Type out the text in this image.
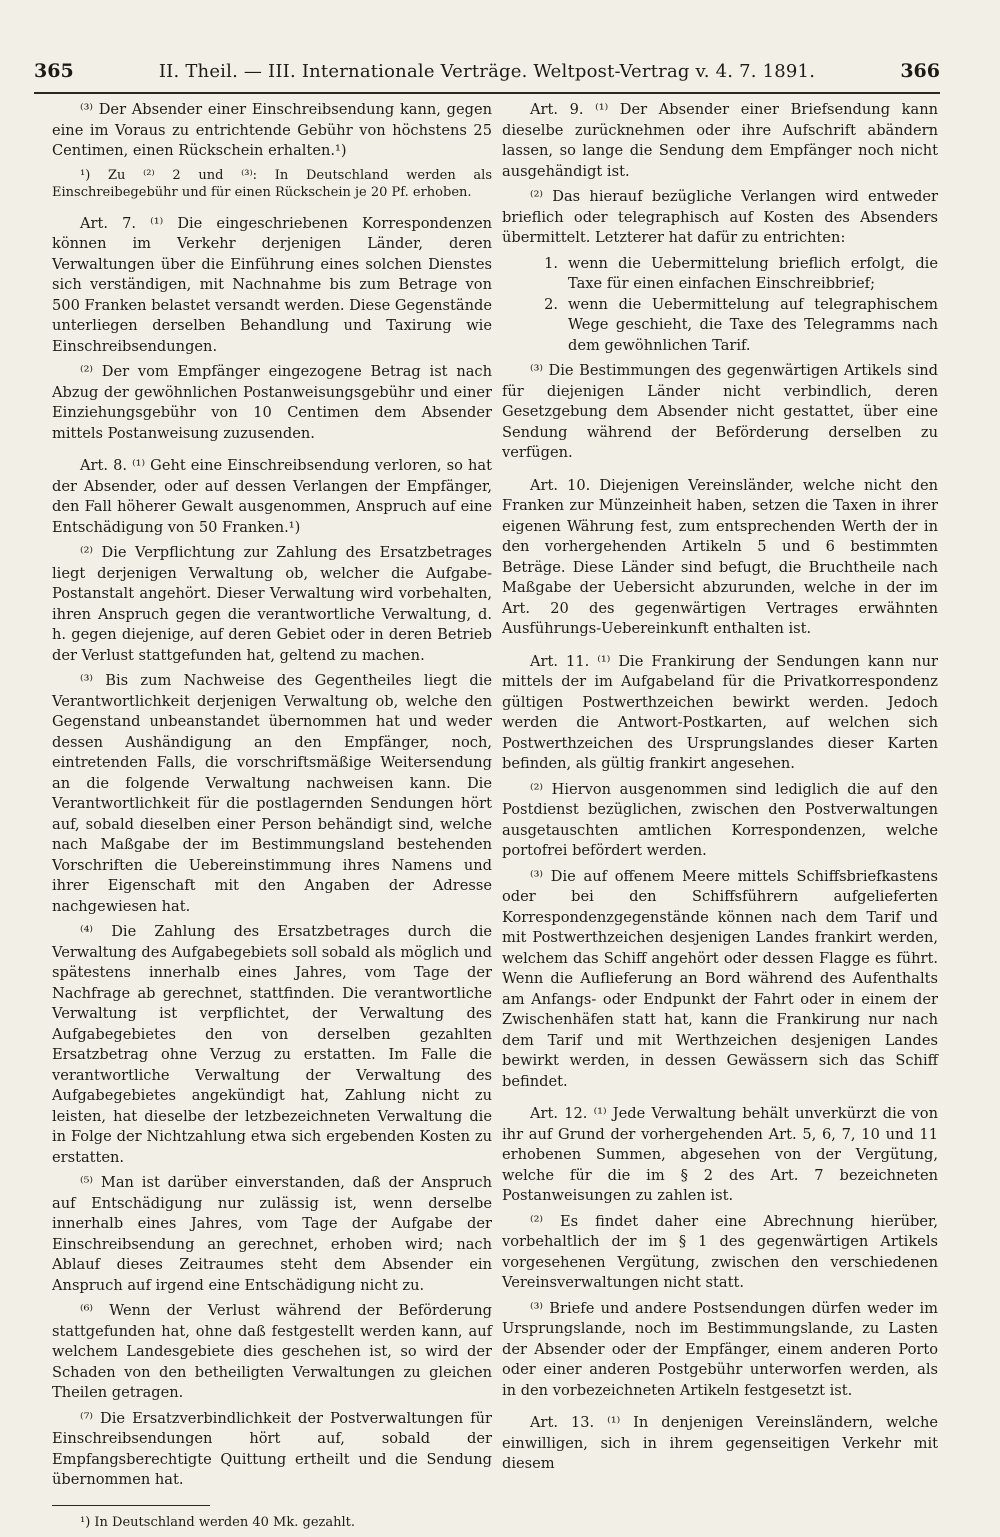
365	II. Theil. — III. Internationale Verträge. Weltpost-Vertrag v. 4. 7. 1891.	366

⁽³⁾ Der Absender einer Einschreibsendung kann, gegen eine im Voraus zu entrichtende Gebühr von höchstens 25 Centimen, einen Rückschein erhalten.¹)

¹) Zu ⁽²⁾ 2 und ⁽³⁾: In Deutschland werden als Einschreibegebühr und für einen Rückschein je 20 Pf. erhoben.

Art. 7. ⁽¹⁾ Die eingeschriebenen Korrespondenzen können im Verkehr derjenigen Länder, deren Verwaltungen über die Einführung eines solchen Dienstes sich verständigen, mit Nachnahme bis zum Betrage von 500 Franken belastet versandt werden. Diese Gegenstände unterliegen derselben Behandlung und Taxirung wie Einschreibsendungen.

⁽²⁾ Der vom Empfänger eingezogene Betrag ist nach Abzug der gewöhnlichen Postanweisungsgebühr und einer Einziehungsgebühr von 10 Centimen dem Absender mittels Postanweisung zuzusenden.

Art. 8. ⁽¹⁾ Geht eine Einschreibsendung verloren, so hat der Absender, oder auf dessen Verlangen der Empfänger, den Fall höherer Gewalt ausgenommen, Anspruch auf eine Entschädigung von 50 Franken.¹)

⁽²⁾ Die Verpflichtung zur Zahlung des Ersatzbetrages liegt derjenigen Verwaltung ob, welcher die Aufgabe-Postanstalt angehört. Dieser Verwaltung wird vorbehalten, ihren Anspruch gegen die verantwortliche Verwaltung, d. h. gegen diejenige, auf deren Gebiet oder in deren Betrieb der Verlust stattgefunden hat, geltend zu machen.

⁽³⁾ Bis zum Nachweise des Gegentheiles liegt die Verantwortlichkeit derjenigen Verwaltung ob, welche den Gegenstand unbeanstandet übernommen hat und weder dessen Aushändigung an den Empfänger, noch, eintretenden Falls, die vorschriftsmäßige Weitersendung an die folgende Verwaltung nachweisen kann. Die Verantwortlichkeit für die postlagernden Sendungen hört auf, sobald dieselben einer Person behändigt sind, welche nach Maßgabe der im Bestimmungsland bestehenden Vorschriften die Uebereinstimmung ihres Namens und ihrer Eigenschaft mit den Angaben der Adresse nachgewiesen hat.

⁽⁴⁾ Die Zahlung des Ersatzbetrages durch die Verwaltung des Aufgabegebiets soll sobald als möglich und spätestens innerhalb eines Jahres, vom Tage der Nachfrage ab gerechnet, stattfinden. Die verantwortliche Verwaltung ist verpflichtet, der Verwaltung des Aufgabegebietes den von derselben gezahlten Ersatzbetrag ohne Verzug zu erstatten. Im Falle die verantwortliche Verwaltung der Verwaltung des Aufgabegebietes angekündigt hat, Zahlung nicht zu leisten, hat dieselbe der letzbezeichneten Verwaltung die in Folge der Nichtzahlung etwa sich ergebenden Kosten zu erstatten.

⁽⁵⁾ Man ist darüber einverstanden, daß der Anspruch auf Entschädigung nur zulässig ist, wenn derselbe innerhalb eines Jahres, vom Tage der Aufgabe der Einschreibsendung an gerechnet, erhoben wird; nach Ablauf dieses Zeitraumes steht dem Absender ein Anspruch auf irgend eine Entschädigung nicht zu.

⁽⁶⁾ Wenn der Verlust während der Beförderung stattgefunden hat, ohne daß festgestellt werden kann, auf welchem Landesgebiete dies geschehen ist, so wird der Schaden von den betheiligten Verwaltungen zu gleichen Theilen getragen.

⁽⁷⁾ Die Ersatzverbindlichkeit der Postverwaltungen für Einschreibsendungen hört auf, sobald der Empfangsberechtigte Quittung ertheilt und die Sendung übernommen hat.

¹) In Deutschland werden 40 Mk. gezahlt.

Art. 9. ⁽¹⁾ Der Absender einer Briefsendung kann dieselbe zurücknehmen oder ihre Aufschrift abändern lassen, so lange die Sendung dem Empfänger noch nicht ausgehändigt ist.

⁽²⁾ Das hierauf bezügliche Verlangen wird entweder brieflich oder telegraphisch auf Kosten des Absenders übermittelt. Letzterer hat dafür zu entrichten:

1. wenn die Uebermittelung brieflich erfolgt, die Taxe für einen einfachen Einschreibbrief;
2. wenn die Uebermittelung auf telegraphischem Wege geschieht, die Taxe des Telegramms nach dem gewöhnlichen Tarif.

⁽³⁾ Die Bestimmungen des gegenwärtigen Artikels sind für diejenigen Länder nicht verbindlich, deren Gesetzgebung dem Absender nicht gestattet, über eine Sendung während der Beförderung derselben zu verfügen.

Art. 10. Diejenigen Vereinsländer, welche nicht den Franken zur Münzeinheit haben, setzen die Taxen in ihrer eigenen Währung fest, zum entsprechenden Werth der in den vorhergehenden Artikeln 5 und 6 bestimmten Beträge. Diese Länder sind befugt, die Bruchtheile nach Maßgabe der Uebersicht abzurunden, welche in der im Art. 20 des gegenwärtigen Vertrages erwähnten Ausführungs-Uebereinkunft enthalten ist.

Art. 11. ⁽¹⁾ Die Frankirung der Sendungen kann nur mittels der im Aufgabeland für die Privatkorrespondenz gültigen Postwerthzeichen bewirkt werden. Jedoch werden die Antwort-Postkarten, auf welchen sich Postwerthzeichen des Ursprungslandes dieser Karten befinden, als gültig frankirt angesehen.

⁽²⁾ Hiervon ausgenommen sind lediglich die auf den Postdienst bezüglichen, zwischen den Postverwaltungen ausgetauschten amtlichen Korrespondenzen, welche portofrei befördert werden.

⁽³⁾ Die auf offenem Meere mittels Schiffsbriefkastens oder bei den Schiffsführern aufgelieferten Korrespondenzgegenstände können nach dem Tarif und mit Postwerthzeichen desjenigen Landes frankirt werden, welchem das Schiff angehört oder dessen Flagge es führt. Wenn die Auflieferung an Bord während des Aufenthalts am Anfangs- oder Endpunkt der Fahrt oder in einem der Zwischenhäfen statt hat, kann die Frankirung nur nach dem Tarif und mit Werthzeichen desjenigen Landes bewirkt werden, in dessen Gewässern sich das Schiff befindet.

Art. 12. ⁽¹⁾ Jede Verwaltung behält unverkürzt die von ihr auf Grund der vorhergehenden Art. 5, 6, 7, 10 und 11 erhobenen Summen, abgesehen von der Vergütung, welche für die im § 2 des Art. 7 bezeichneten Postanweisungen zu zahlen ist.

⁽²⁾ Es findet daher eine Abrechnung hierüber, vorbehaltlich der im § 1 des gegenwärtigen Artikels vorgesehenen Vergütung, zwischen den verschiedenen Vereinsverwaltungen nicht statt.

⁽³⁾ Briefe und andere Postsendungen dürfen weder im Ursprungslande, noch im Bestimmungslande, zu Lasten der Absender oder der Empfänger, einem anderen Porto oder einer anderen Postgebühr unterworfen werden, als in den vorbezeichneten Artikeln festgesetzt ist.

Art. 13. ⁽¹⁾ In denjenigen Vereinsländern, welche einwilligen, sich in ihrem gegenseitigen Verkehr mit diesem
